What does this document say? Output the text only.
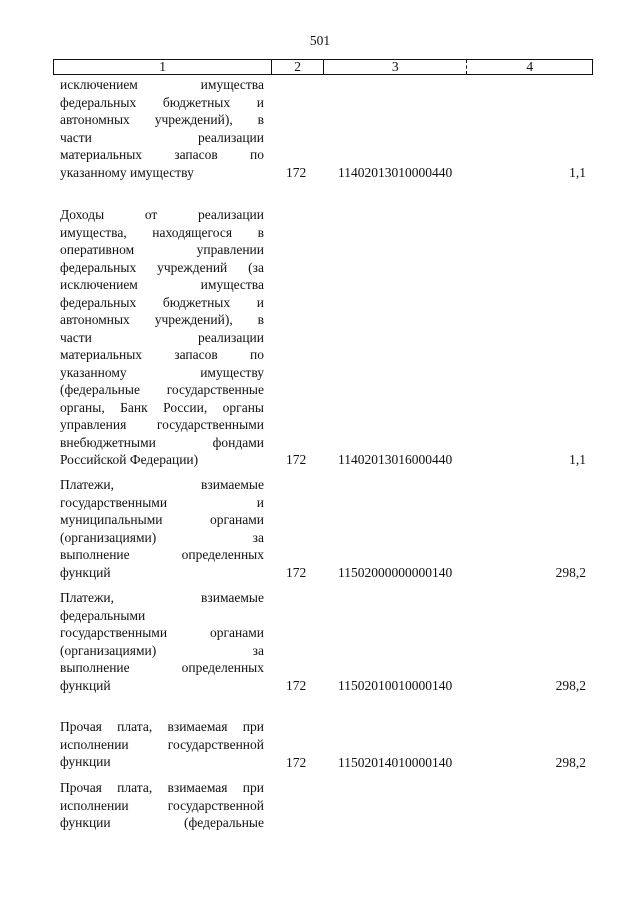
501
1	2	3	4
исключением имущества
федеральных бюджетных и
автономных учреждений), в
части реализации
материальных запасов по
указанному имуществу	172	11402013010000440	1,1
Доходы от реализации
имущества, находящегося в
оперативном управлении
федеральных учреждений (за
исключением имущества
федеральных бюджетных и
автономных учреждений), в
части реализации
материальных запасов по
указанному имуществу
(федеральные государственные
органы, Банк России, органы
управления государственными
внебюджетными фондами
Российской Федерации)	172	11402013016000440	1,1
Платежи, взимаемые
государственными и
муниципальными органами
(организациями) за
выполнение определенных
функций	172	11502000000000140	298,2
Платежи, взимаемые
федеральными
государственными органами
(организациями) за
выполнение определенных
функций	172	11502010010000140	298,2
Прочая плата, взимаемая при
исполнении государственной
функции	172	11502014010000140	298,2
Прочая плата, взимаемая при
исполнении государственной
функции (федеральные
